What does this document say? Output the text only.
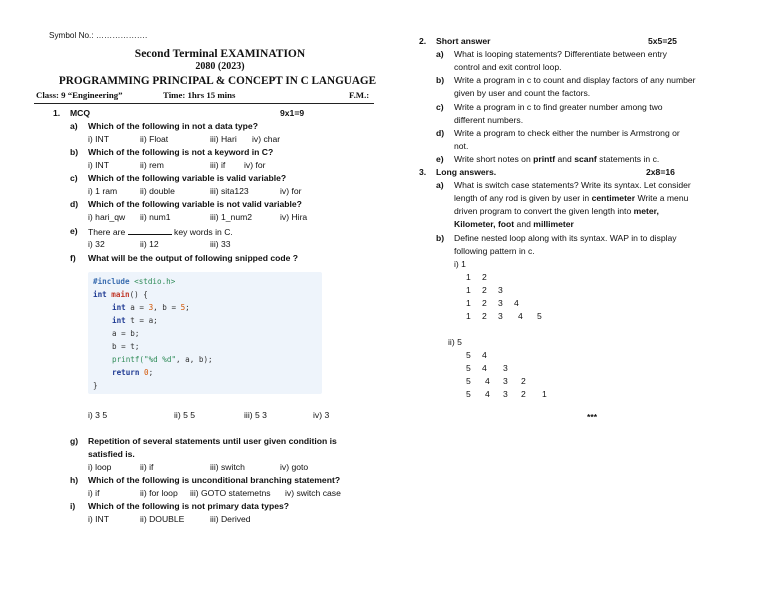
Symbol No.: ……………….
Second Terminal EXAMINATION
2080 (2023)
PROGRAMMING PRINCIPAL & CONCEPT IN C LANGUAGE
Class: 9 “Engineering”	Time: 1hrs 15 mins	F.M.:
1. MCQ	9x1=9
a) Which of the following in not a data type?
i) INT	ii) Float	iii) Hari iv) char
b) Which of the following is not a keyword in C?
i) INT	ii) rem	iii) if iv) for
c) Which of the following variable is valid variable?
i) 1 ram	ii) double	iii) sita123	iv) for
d) Which of the following variable is not valid variable?
i) hari_qw ii) num1	iii) 1_num2	iv) Hira
e) There are	key words in C.
i) 32	ii) 12	iii) 33
f) What will be the output of following snipped code ?
#include <stdio.h>
int main() {
int a = 3, b = 5;
int t = a;
a = b;
b = t;
printf("%d %d", a, b);
return 0;
}
i) 3 5	ii) 5 5	iii) 5 3	iv) 3
g) Repetition of several statements until user given condition is
satisfied is.
i) loop	ii) if	iii) switch	iv) goto
h) Which of the following is unconditional branching statement?
i) if	ii) for loop iii) GOTO statemetns iv) switch case
i) Which of the following is not primary data types?
i) INT	ii) DOUBLE	iii) Derived
2. Short answer	5x5=25
a) What is looping statements? Differentiate between entry
control and exit control loop.
b) Write a program in c to count and display factors of any number
given by user and count the factors.
c) Write a program in c to find greater number among two
different numbers.
d) Write a program to check either the number is Armstrong or
not.
e) Write short notes on printf and scanf statements in c.
3. Long answers.	2x8=16
a) What is switch case statements? Write its syntax. Let consider
length of any rod is given by user in centimeter Write a menu
driven program to convert the given length into meter,
Kilometer, foot and millimeter
b) Define nested loop along with its syntax. WAP in to display
following pattern in c.
i) 1
1 2
1 2 3
1 2 3 4
1 2 3 4 5
ii) 5
5 4
5 4 3
5 4 3 2
5 4 3 2 1
***
